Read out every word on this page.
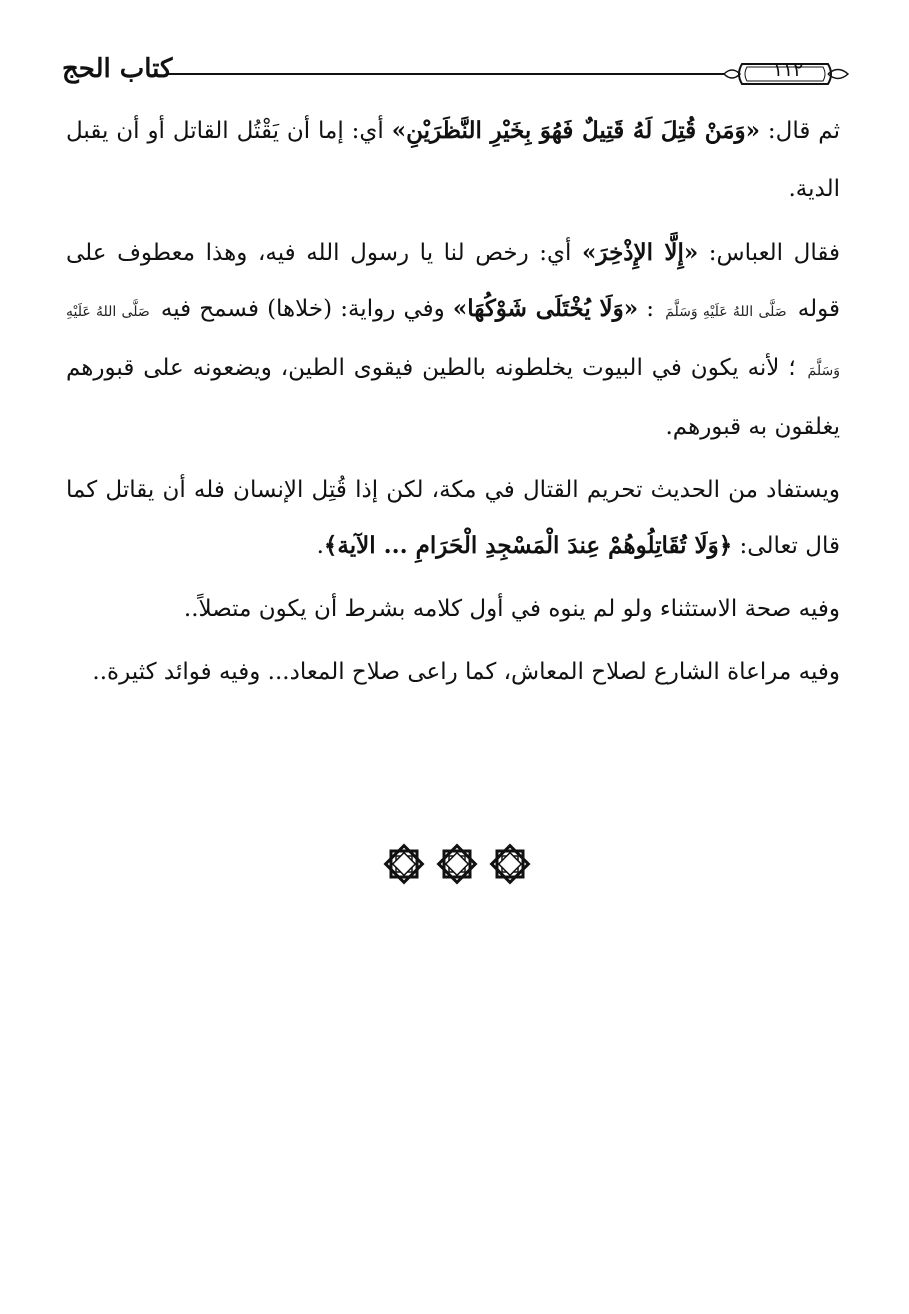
كتاب الحج	١١٢

ثم قال: «وَمَنْ قُتِلَ لَهُ قَتِيلٌ فَهُوَ بِخَيْرِ النَّظَرَيْنِ» أي: إما أن يَقْتُل القاتل أو أن يقبل الدية.

فقال العباس: «إِلَّا الإِذْخِرَ» أي: رخص لنا يا رسول الله فيه، وهذا معطوف على قوله صَلَّى اللهُ عَلَيْهِ وَسَلَّمَ : «وَلَا يُخْتَلَى شَوْكُهَا» وفي رواية: (خلاها) فسمح فيه صَلَّى اللهُ عَلَيْهِ وَسَلَّمَ ؛ لأنه يكون في البيوت يخلطونه بالطين فيقوى الطين، ويضعونه على قبورهم يغلقون به قبورهم.

ويستفاد من الحديث تحريم القتال في مكة، لكن إذا قُتِل الإنسان فله أن يقاتل كما قال تعالى: ﴿وَلَا تُقَاتِلُوهُمْ عِندَ الْمَسْجِدِ الْحَرَامِ ... الآية﴾.

وفيه صحة الاستثناء ولو لم ينوه في أول كلامه بشرط أن يكون متصلاً..

وفيه مراعاة الشارع لصلاح المعاش، كما راعى صلاح المعاد... وفيه فوائد كثيرة..
